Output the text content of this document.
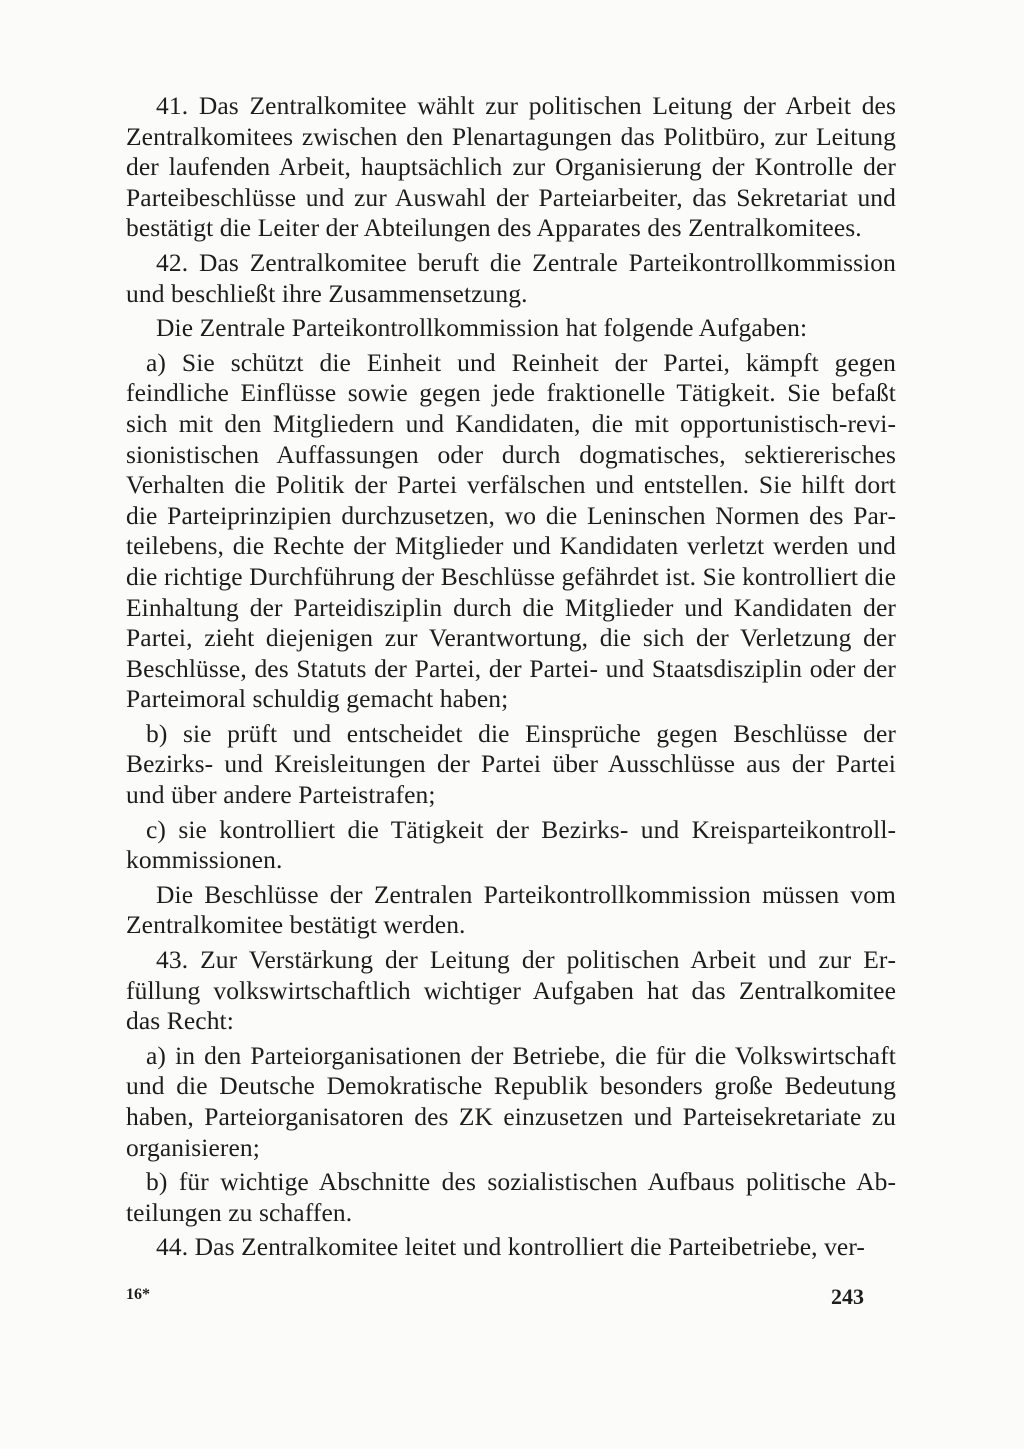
41. Das Zentralkomitee wählt zur politischen Leitung der Arbeit des Zentralkomitees zwischen den Plenartagungen das Politbüro, zur Leitung der laufenden Arbeit, hauptsächlich zur Organisierung der Kontrolle der Parteibeschlüsse und zur Auswahl der Parteiarbeiter, das Sekretariat und bestätigt die Leiter der Abteilungen des Apparates des Zentralkomitees.

42. Das Zentralkomitee beruft die Zentrale Parteikontrollkommission und beschließt ihre Zusammensetzung.

Die Zentrale Parteikontrollkommission hat folgende Aufgaben:

a) Sie schützt die Einheit und Reinheit der Partei, kämpft gegen feindliche Einflüsse sowie gegen jede fraktionelle Tätigkeit. Sie befaßt sich mit den Mitgliedern und Kandidaten, die mit opportunistisch-revisionistischen Auffassungen oder durch dogmatisches, sektiererisches Verhalten die Politik der Partei verfälschen und entstellen. Sie hilft dort die Parteiprinzipien durchzusetzen, wo die Leninschen Normen des Parteilebens, die Rechte der Mitglieder und Kandidaten verletzt werden und die richtige Durchführung der Beschlüsse gefährdet ist. Sie kontrolliert die Einhaltung der Parteidisziplin durch die Mitglieder und Kandidaten der Partei, zieht diejenigen zur Verantwortung, die sich der Verletzung der Beschlüsse, des Statuts der Partei, der Partei- und Staatsdisziplin oder der Parteimoral schuldig gemacht haben;

b) sie prüft und entscheidet die Einsprüche gegen Beschlüsse der Bezirks- und Kreisleitungen der Partei über Ausschlüsse aus der Partei und über andere Parteistrafen;

c) sie kontrolliert die Tätigkeit der Bezirks- und Kreisparteikontrollkommissionen.

Die Beschlüsse der Zentralen Parteikontrollkommission müssen vom Zentralkomitee bestätigt werden.

43. Zur Verstärkung der Leitung der politischen Arbeit und zur Erfüllung volkswirtschaftlich wichtiger Aufgaben hat das Zentralkomitee das Recht:

a) in den Parteiorganisationen der Betriebe, die für die Volkswirtschaft und die Deutsche Demokratische Republik besonders große Bedeutung haben, Parteiorganisatoren des ZK einzusetzen und Parteisekretariate zu organisieren;

b) für wichtige Abschnitte des sozialistischen Aufbaus politische Abteilungen zu schaffen.

44. Das Zentralkomitee leitet und kontrolliert die Parteibetriebe, ver-

16*	243
